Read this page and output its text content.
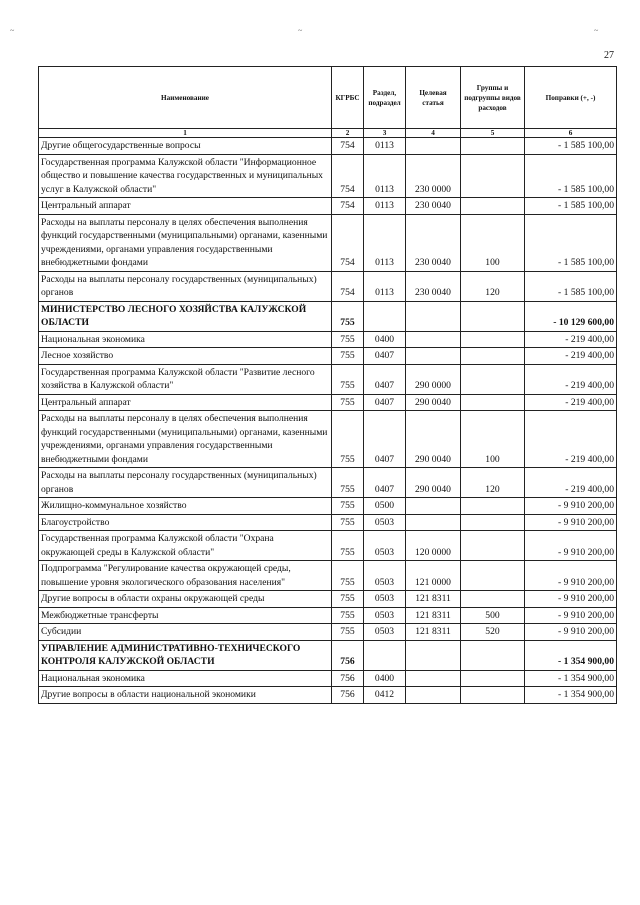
~	~	~
27
Наименование	КГРБС	Раздел, подраздел	Целевая статья	Группы и подгруппы видов расходов	Поправки (+, -)
1	2	3	4	5	6
Другие общегосударственные вопросы	754	0113			- 1 585 100,00
Государственная программа Калужской области "Информационное общество и повышение качества государственных и муниципальных услуг в Калужской области"	754	0113	230 0000		- 1 585 100,00
Центральный аппарат	754	0113	230 0040		- 1 585 100,00
Расходы на выплаты персоналу в целях обеспечения выполнения функций государственными (муниципальными) органами, казенными учреждениями, органами управления государственными внебюджетными фондами	754	0113	230 0040	100	- 1 585 100,00
Расходы на выплаты персоналу государственных (муниципальных) органов	754	0113	230 0040	120	- 1 585 100,00
МИНИСТЕРСТВО ЛЕСНОГО ХОЗЯЙСТВА КАЛУЖСКОЙ ОБЛАСТИ	755				- 10 129 600,00
Национальная экономика	755	0400			- 219 400,00
Лесное хозяйство	755	0407			- 219 400,00
Государственная программа Калужской области "Развитие лесного хозяйства в Калужской области"	755	0407	290 0000		- 219 400,00
Центральный аппарат	755	0407	290 0040		- 219 400,00
Расходы на выплаты персоналу в целях обеспечения выполнения функций государственными (муниципальными) органами, казенными учреждениями, органами управления государственными внебюджетными фондами	755	0407	290 0040	100	- 219 400,00
Расходы на выплаты персоналу государственных (муниципальных) органов	755	0407	290 0040	120	- 219 400,00
Жилищно-коммунальное хозяйство	755	0500			- 9 910 200,00
Благоустройство	755	0503			- 9 910 200,00
Государственная программа Калужской области "Охрана окружающей среды в Калужской области"	755	0503	120 0000		- 9 910 200,00
Подпрограмма "Регулирование качества окружающей среды, повышение уровня экологического образования населения"	755	0503	121 0000		- 9 910 200,00
Другие вопросы в области охраны окружающей среды	755	0503	121 8311		- 9 910 200,00
Межбюджетные трансферты	755	0503	121 8311	500	- 9 910 200,00
Субсидии	755	0503	121 8311	520	- 9 910 200,00
УПРАВЛЕНИЕ АДМИНИСТРАТИВНО-ТЕХНИЧЕСКОГО КОНТРОЛЯ КАЛУЖСКОЙ ОБЛАСТИ	756				- 1 354 900,00
Национальная экономика	756	0400			- 1 354 900,00
Другие вопросы в области национальной экономики	756	0412			- 1 354 900,00
